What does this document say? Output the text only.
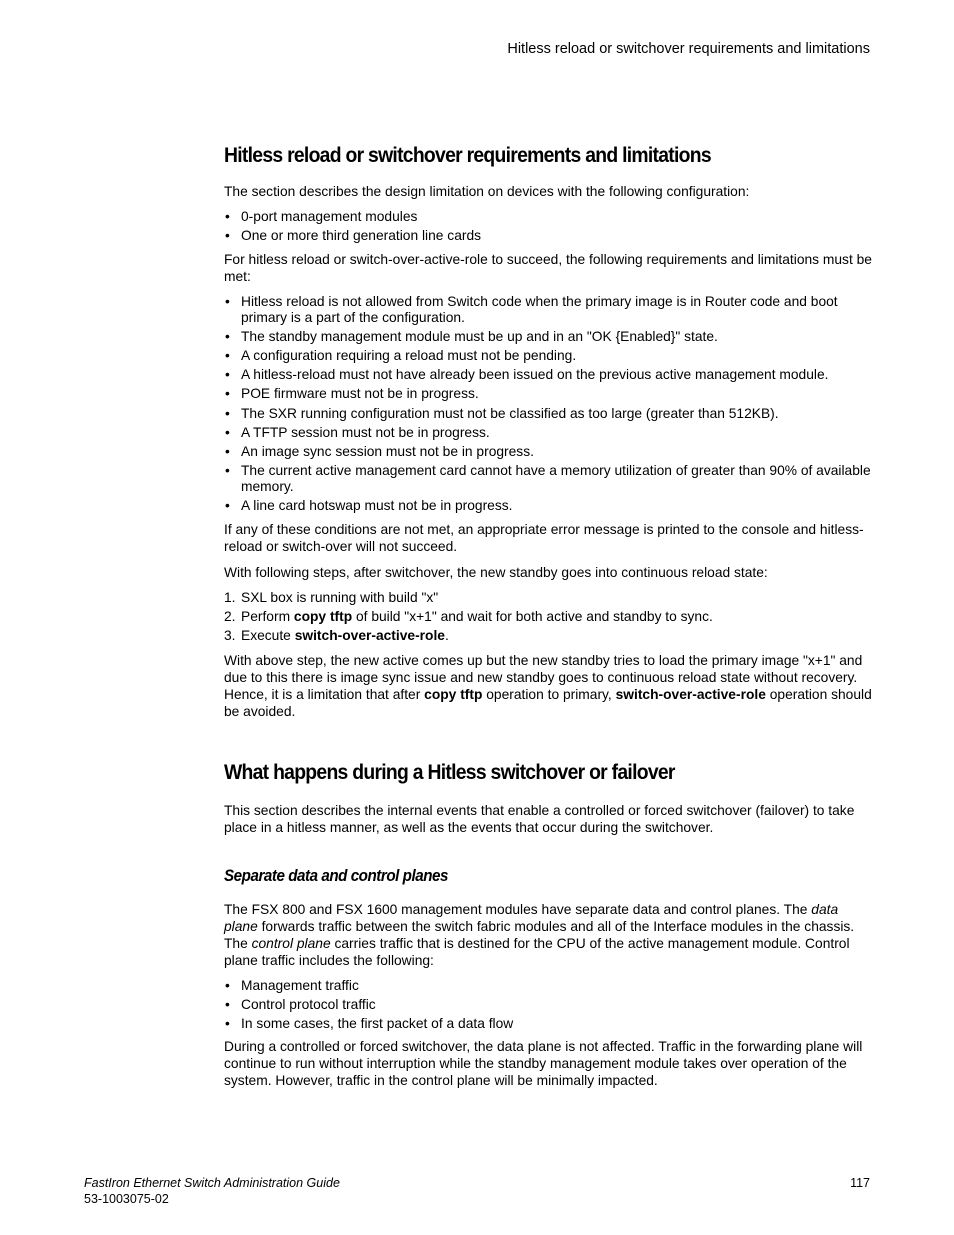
Hitless reload or switchover requirements and limitations
Hitless reload or switchover requirements and limitations

The section describes the design limitation on devices with the following configuration:

• 0-port management modules
• One or more third generation line cards

For hitless reload or switch-over-active-role to succeed, the following requirements and limitations must be met:

• Hitless reload is not allowed from Switch code when the primary image is in Router code and boot primary is a part of the configuration.
• The standby management module must be up and in an "OK {Enabled}" state.
• A configuration requiring a reload must not be pending.
• A hitless-reload must not have already been issued on the previous active management module.
• POE firmware must not be in progress.
• The SXR running configuration must not be classified as too large (greater than 512KB).
• A TFTP session must not be in progress.
• An image sync session must not be in progress.
• The current active management card cannot have a memory utilization of greater than 90% of available memory.
• A line card hotswap must not be in progress.

If any of these conditions are not met, an appropriate error message is printed to the console and hitless-reload or switch-over will not succeed.

With following steps, after switchover, the new standby goes into continuous reload state:

1. SXL box is running with build "x"
2. Perform copy tftp of build "x+1" and wait for both active and standby to sync.
3. Execute switch-over-active-role.

With above step, the new active comes up but the new standby tries to load the primary image "x+1" and due to this there is image sync issue and new standby goes to continuous reload state without recovery. Hence, it is a limitation that after copy tftp operation to primary, switch-over-active-role operation should be avoided.

What happens during a Hitless switchover or failover

This section describes the internal events that enable a controlled or forced switchover (failover) to take place in a hitless manner, as well as the events that occur during the switchover.

Separate data and control planes

The FSX 800 and FSX 1600 management modules have separate data and control planes. The data plane forwards traffic between the switch fabric modules and all of the Interface modules in the chassis. The control plane carries traffic that is destined for the CPU of the active management module. Control plane traffic includes the following:

• Management traffic
• Control protocol traffic
• In some cases, the first packet of a data flow

During a controlled or forced switchover, the data plane is not affected. Traffic in the forwarding plane will continue to run without interruption while the standby management module takes over operation of the system. However, traffic in the control plane will be minimally impacted.

FastIron Ethernet Switch Administration Guide
53-1003075-02
117
